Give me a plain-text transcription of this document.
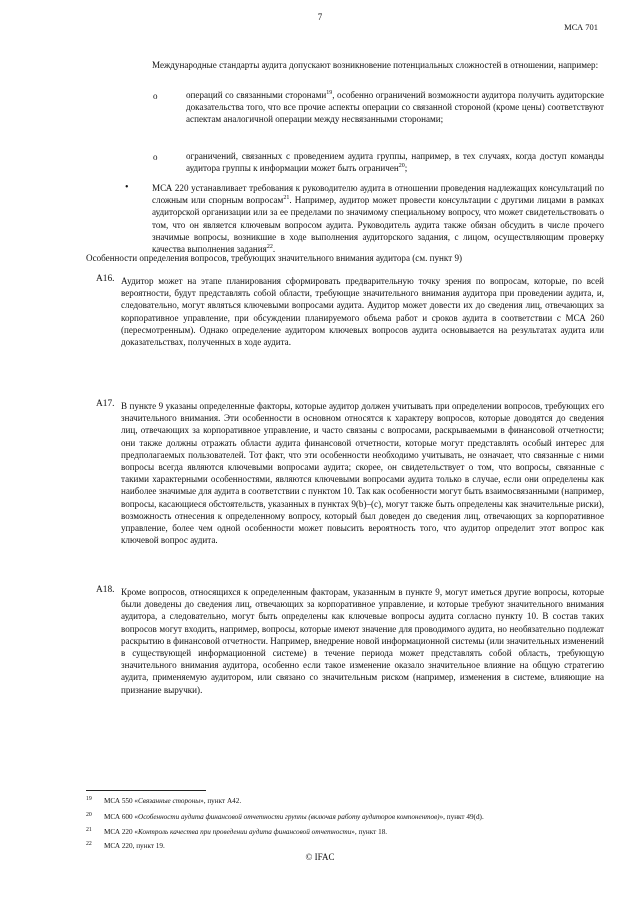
7
МСА 701
Международные стандарты аудита допускают возникновение потенциальных сложностей в отношении, например:
o	операций со связанными сторонами$^{19}$, особенно ограничений возможности аудитора получить аудиторские доказательства того, что все прочие аспекты операции со связанной стороной (кроме цены) соответствуют аспектам аналогичной операции между несвязанными сторонами;
o	ограничений, связанных с проведением аудита группы, например, в тех случаях, когда доступ команды аудитора группы к информации может быть ограничен$^{20}$;
•	МСА 220 устанавливает требования к руководителю аудита в отношении проведения надлежащих консультаций по сложным или спорным вопросам$^{21}$. Например, аудитор может провести консультации с другими лицами в рамках аудиторской организации или за ее пределами по значимому специальному вопросу, что может свидетельствовать о том, что он является ключевым вопросом аудита. Руководитель аудита также обязан обсудить в числе прочего значимые вопросы, возникшие в ходе выполнения аудиторского задания, с лицом, осуществляющим проверку качества выполнения задания$^{22}$.
Особенности определения вопросов, требующих значительного внимания аудитора (см. пункт 9)
A16. Аудитор может на этапе планирования сформировать предварительную точку зрения по вопросам, которые, по всей вероятности, будут представлять собой области, требующие значительного внимания аудитора при проведении аудита, и, следовательно, могут являться ключевыми вопросами аудита. Аудитор может довести их до сведения лиц, отвечающих за корпоративное управление, при обсуждении планируемого объема работ и сроков аудита в соответствии с МСА 260 (пересмотренным). Однако определение аудитором ключевых вопросов аудита основывается на результатах аудита или доказательствах, полученных в ходе аудита.
A17. В пункте 9 указаны определенные факторы, которые аудитор должен учитывать при определении вопросов, требующих его значительного внимания. Эти особенности в основном относятся к характеру вопросов, которые доводятся до сведения лиц, отвечающих за корпоративное управление, и часто связаны с вопросами, раскрываемыми в финансовой отчетности; они также должны отражать области аудита финансовой отчетности, которые могут представлять особый интерес для предполагаемых пользователей. Тот факт, что эти особенности необходимо учитывать, не означает, что связанные с ними вопросы всегда являются ключевыми вопросами аудита; скорее, он свидетельствует о том, что вопросы, связанные с такими характерными особенностями, являются ключевыми вопросами аудита только в случае, если они определены как наиболее значимые для аудита в соответствии с пунктом 10. Так как особенности могут быть взаимосвязанными (например, вопросы, касающиеся обстоятельств, указанных в пунктах 9(b)–(c), могут также быть определены как значительные риски), возможность отнесения к определенному вопросу, который был доведен до сведения лиц, отвечающих за корпоративное управление, более чем одной особенности может повысить вероятность того, что аудитор определит этот вопрос как ключевой вопрос аудита.
A18. Кроме вопросов, относящихся к определенным факторам, указанным в пункте 9, могут иметься другие вопросы, которые были доведены до сведения лиц, отвечающих за корпоративное управление, и которые требуют значительного внимания аудитора, а следовательно, могут быть определены как ключевые вопросы аудита согласно пункту 10. В состав таких вопросов могут входить, например, вопросы, которые имеют значение для проводимого аудита, но необязательно подлежат раскрытию в финансовой отчетности. Например, внедрение новой информационной системы (или значительных изменений в существующей информационной системе) в течение периода может представлять собой область, требующую значительного внимания аудитора, особенно если такое изменение оказало значительное влияние на общую стратегию аудита, применяемую аудитором, или связано со значительным риском (например, изменения в системе, влияющие на признание выручки).
19 МСА 550 «Связанные стороны», пункт А42.
20 МСА 600 «Особенности аудита финансовой отчетности группы (включая работу аудиторов компонентов)», пункт 49(d).
21 МСА 220 «Контроль качества при проведении аудита финансовой отчетности», пункт 18.
22 МСА 220, пункт 19.
© IFAC
